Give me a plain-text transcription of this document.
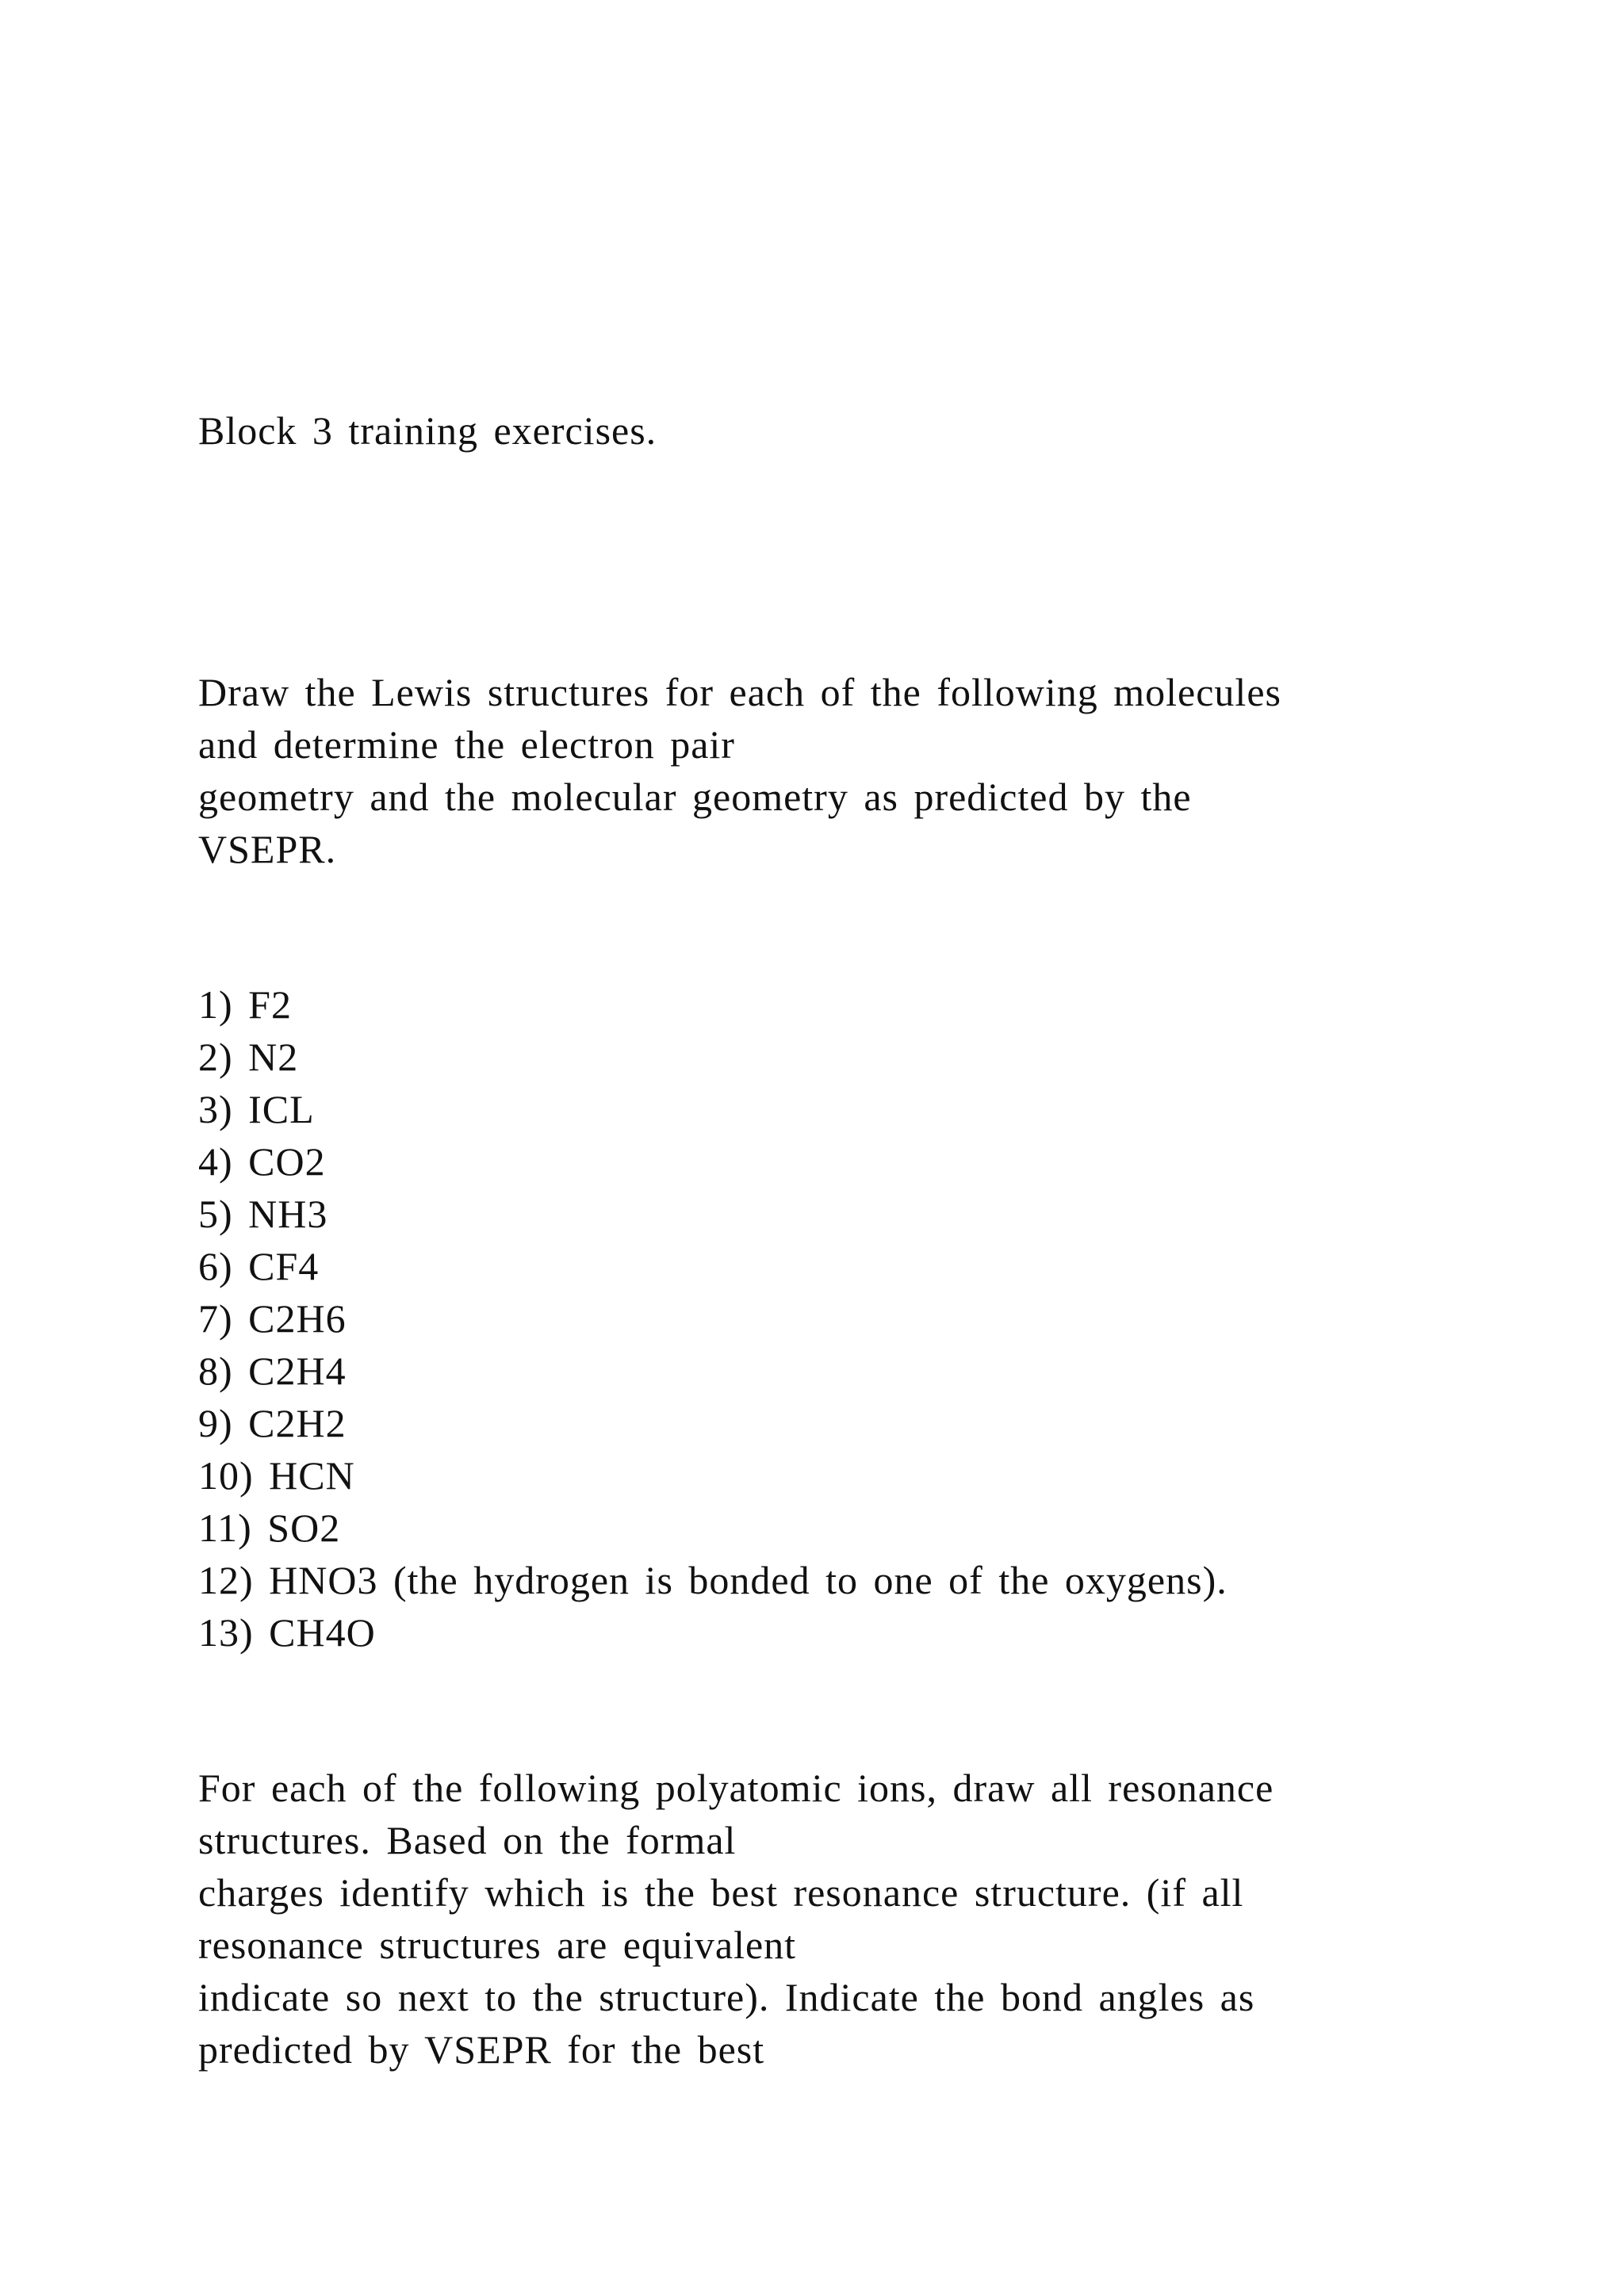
Block 3 training exercises.
Draw the Lewis structures for each of the following molecules
and determine the electron pair
geometry and the molecular geometry as predicted by the
VSEPR.
1) F2
2) N2
3) ICL
4) CO2
5) NH3
6) CF4
7) C2H6
8) C2H4
9) C2H2
10) HCN
11) SO2
12) HNO3 (the hydrogen is bonded to one of the oxygens).
13) CH4O
For each of the following polyatomic ions, draw all resonance
structures. Based on the formal
charges identify which is the best resonance structure. (if all
resonance structures are equivalent
indicate so next to the structure). Indicate the bond angles as
predicted by VSEPR for the best
